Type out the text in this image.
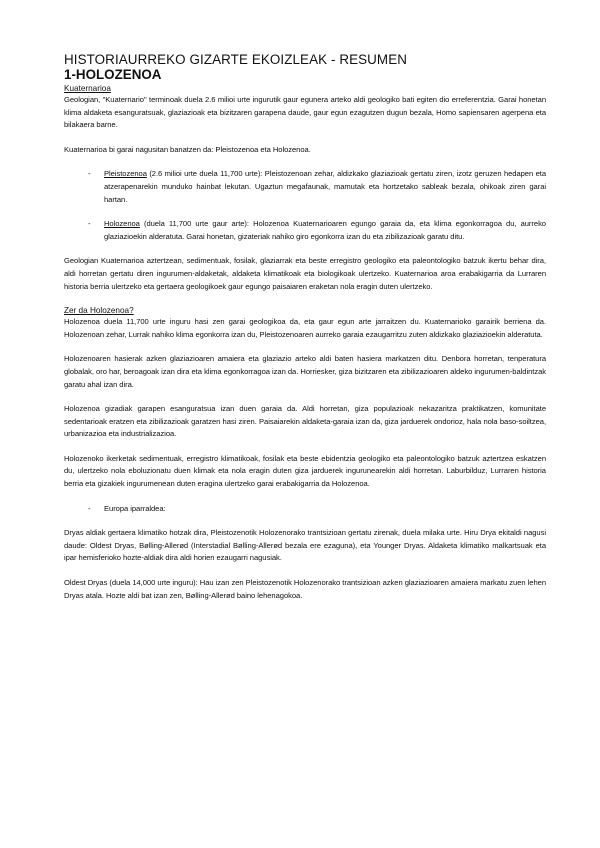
HISTORIAURREKO GIZARTE EKOIZLEAK - RESUMEN
1-HOLOZENOA
Kuaternarioa

Geologian, "Kuaternario" terminoak duela 2.6 milioi urte ingurutik gaur egunera arteko aldi geologiko bati egiten dio erreferentzia. Garai honetan klima aldaketa esanguratsuak, glaziazioak eta bizitzaren garapena daude, gaur egun ezagutzen dugun bezala, Homo sapiensaren agerpena eta bilakaera barne.

Kuaternarioa bi garai nagusitan banatzen da: Pleistozenoa eta Holozenoa.

-	Pleistozenoa (2.6 milioi urte duela 11,700 urte): Pleistozenoan zehar, aldizkako glaziazioak gertatu ziren, izotz geruzen hedapen eta atzerapenarekin munduko hainbat lekutan. Ugaztun megafaunak, mamutak eta hortzetako sableak bezala, ohikoak ziren garai hartan.

-	Holozenoa (duela 11,700 urte gaur arte): Holozenoa Kuaternarioaren egungo garaia da, eta klima egonkorragoa du, aurreko glaziazioekin alderatuta. Garai honetan, gizateriak nahiko giro egonkorra izan du eta zibilizazioak garatu ditu.

Geologian Kuaternarioa aztertzean, sedimentuak, fosilak, glaziarrak eta beste erregistro geologiko eta paleontologiko batzuk ikertu behar dira, aldi horretan gertatu diren ingurumen-aldaketak, aldaketa klimatikoak eta biologikoak ulertzeko. Kuaternarioa aroa erabakigarria da Lurraren historia berria ulertzeko eta gertaera geologikoek gaur egungo paisaiaren eraketan nola eragin duten ulertzeko.

Zer da Holozenoa?

Holozenoa duela 11,700 urte inguru hasi zen garai geologikoa da, eta gaur egun arte jarraitzen du. Kuaternarioko garairik berriena da. Holozenoan zehar, Lurrak nahiko klima egonkorra izan du, Pleistozenoaren aurreko garaia ezaugarritzu zuten aldizkako glaziazioekin alderatuta.

Holozenoaren hasierak azken glaziazioaren amaiera eta glaziazio arteko aldi baten hasiera markatzen ditu. Denbora horretan, tenperatura globalak, oro har, beroagoak izan dira eta klima egonkorragoa izan da. Horriesker, giza bizitzaren eta zibilizazioaren aldeko ingurumen-baldintzak garatu ahal izan dira.

Holozenoa gizadiak garapen esanguratsua izan duen garaia da. Aldi horretan, giza populazioak nekazaritza praktikatzen, komunitate sedentarioak eratzen eta zibilizazioak garatzen hasi ziren. Paisaiarekin aldaketa-garaia izan da, giza jarduerek ondorioz, hala nola baso-soiltzea, urbanizazioa eta industrializazioa.

Holozenoko ikerketak sedimentuak, erregistro klimatikoak, fosilak eta beste ebidentzia geologiko eta paleontologiko batzuk aztertzea eskatzen du, ulertzeko nola eboluzionatu duen klimak eta nola eragin duten giza jarduerek ingurunearekin aldi horretan. Laburbilduz, Lurraren historia berria eta gizakiek ingurumenean duten eragina ulertzeko garai erabakigarria da Holozenoa.

-	Europa iparraldea:

Dryas aldiak gertaera klimatiko hotzak dira, Pleistozenotik Holozenorako trantsizioan gertatu zirenak, duela milaka urte. Hiru Drya ekitaldi nagusi daude: Oldest Dryas, Bølling-Allerød (Interstadial Bølling-Allerød bezala ere ezaguna), eta Younger Dryas. Aldaketa klimatiko malkartsuak eta ipar hemisferioko hozte-aldiak dira aldi horien ezaugarri nagusiak.

Oldest Dryas (duela 14,000 urte inguru): Hau izan zen Pleistozenotik Holozenorako trantsizioan azken glaziazioaren amaiera markatu zuen lehen Dryas atala. Hozte aldi bat izan zen, Bølling-Allerød baino lehenagokoa.
